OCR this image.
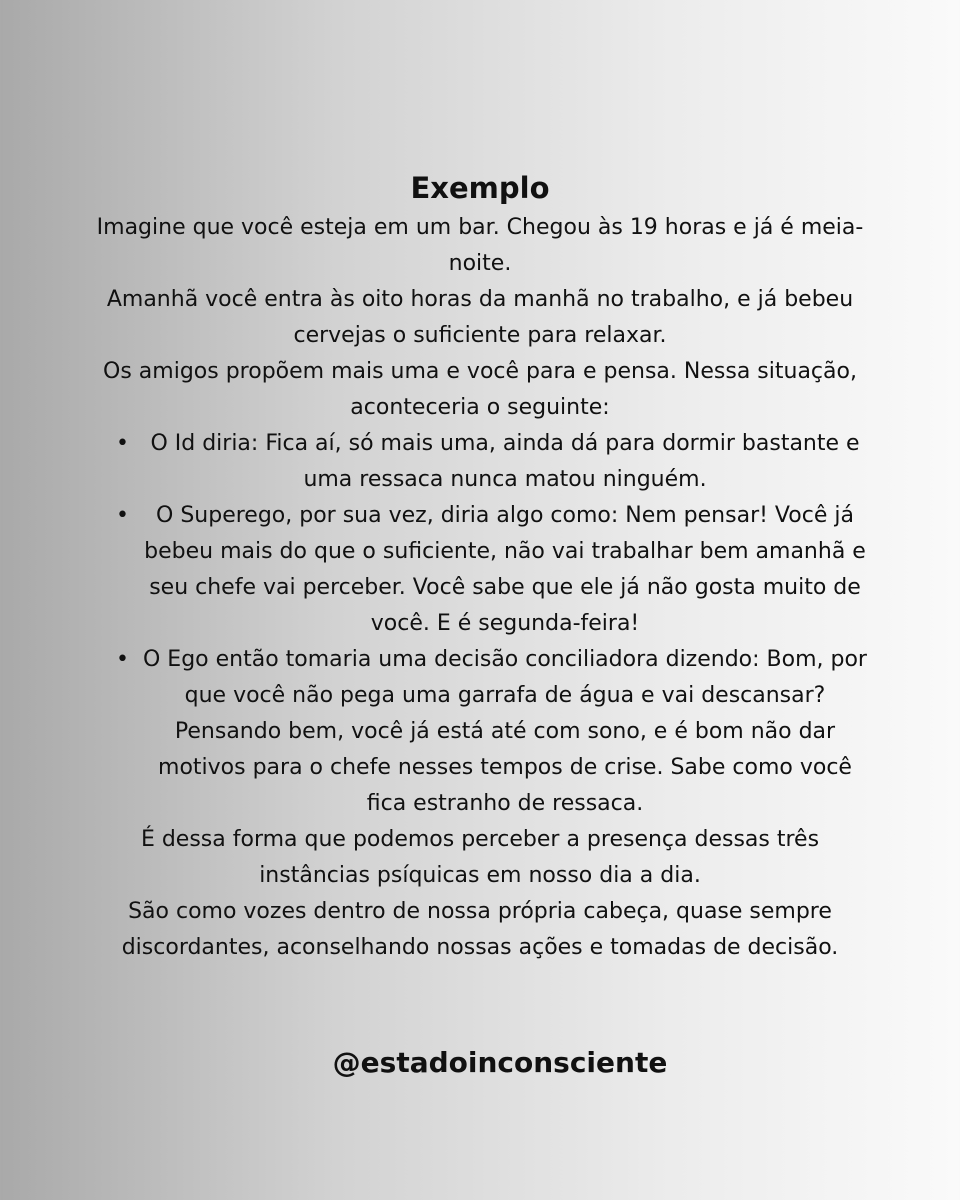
Exemplo

Imagine que você esteja em um bar. Chegou às 19 horas e já é meia-noite.

Amanhã você entra às oito horas da manhã no trabalho, e já bebeu cervejas o suficiente para relaxar.

Os amigos propõem mais uma e você para e pensa. Nessa situação, aconteceria o seguinte:

• O Id diria: Fica aí, só mais uma, ainda dá para dormir bastante e uma ressaca nunca matou ninguém.
• O Superego, por sua vez, diria algo como: Nem pensar! Você já bebeu mais do que o suficiente, não vai trabalhar bem amanhã e seu chefe vai perceber. Você sabe que ele já não gosta muito de você. E é segunda-feira!
• O Ego então tomaria uma decisão conciliadora dizendo: Bom, por que você não pega uma garrafa de água e vai descansar? Pensando bem, você já está até com sono, e é bom não dar motivos para o chefe nesses tempos de crise. Sabe como você fica estranho de ressaca.

É dessa forma que podemos perceber a presença dessas três instâncias psíquicas em nosso dia a dia.

São como vozes dentro de nossa própria cabeça, quase sempre discordantes, aconselhando nossas ações e tomadas de decisão.

@estadoinconsciente
